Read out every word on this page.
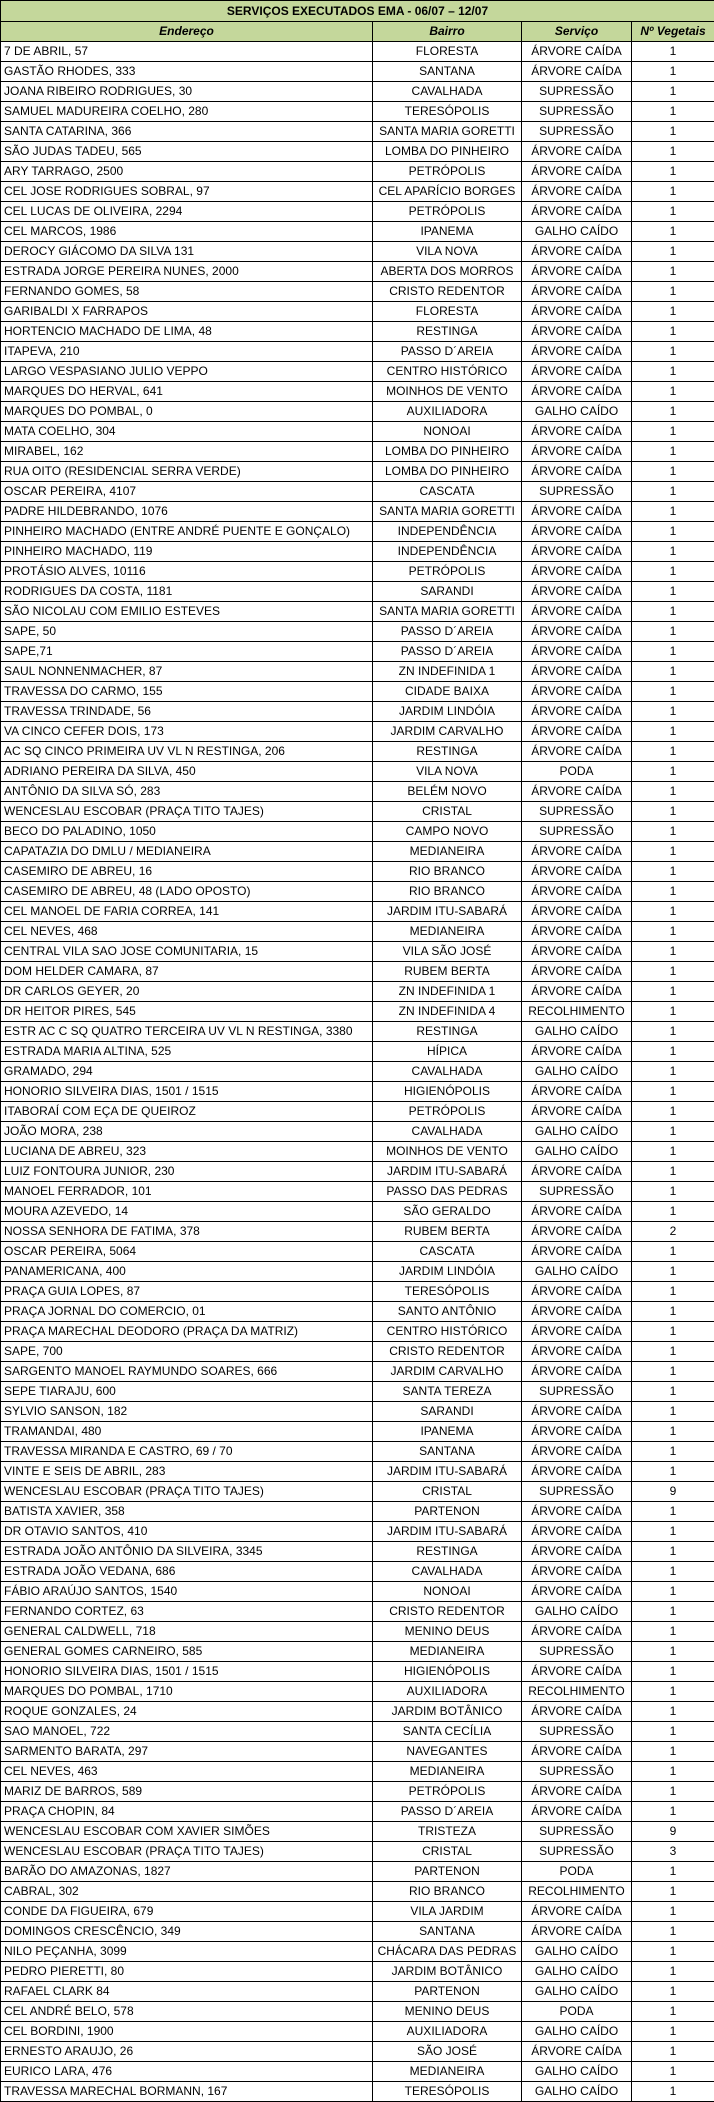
SERVIÇOS EXECUTADOS EMA - 06/07 – 12/07			
Endereço	Bairro	Serviço	Nº Vegetais
7 DE ABRIL, 57	FLORESTA	ÁRVORE CAÍDA	1
GASTÃO RHODES, 333	SANTANA	ÁRVORE CAÍDA	1
JOANA RIBEIRO RODRIGUES, 30	CAVALHADA	SUPRESSÃO	1
SAMUEL MADUREIRA COELHO, 280	TERESÓPOLIS	SUPRESSÃO	1
SANTA CATARINA, 366	SANTA MARIA GORETTI	SUPRESSÃO	1
SÃO JUDAS TADEU, 565	LOMBA DO PINHEIRO	ÁRVORE CAÍDA	1
ARY TARRAGO, 2500	PETRÓPOLIS	ÁRVORE CAÍDA	1
CEL JOSE RODRIGUES SOBRAL, 97	CEL APARÍCIO BORGES	ÁRVORE CAÍDA	1
CEL LUCAS DE OLIVEIRA, 2294	PETRÓPOLIS	ÁRVORE CAÍDA	1
CEL MARCOS, 1986	IPANEMA	GALHO CAÍDO	1
DEROCY GIÁCOMO DA SILVA 131	VILA NOVA	ÁRVORE CAÍDA	1
ESTRADA JORGE PEREIRA NUNES, 2000	ABERTA DOS MORROS	ÁRVORE CAÍDA	1
FERNANDO GOMES, 58	CRISTO REDENTOR	ÁRVORE CAÍDA	1
GARIBALDI X FARRAPOS	FLORESTA	ÁRVORE CAÍDA	1
HORTENCIO MACHADO DE LIMA, 48	RESTINGA	ÁRVORE CAÍDA	1
ITAPEVA, 210	PASSO D´AREIA	ÁRVORE CAÍDA	1
LARGO VESPASIANO JULIO VEPPO	CENTRO HISTÓRICO	ÁRVORE CAÍDA	1
MARQUES DO HERVAL, 641	MOINHOS DE VENTO	ÁRVORE CAÍDA	1
MARQUES DO POMBAL, 0	AUXILIADORA	GALHO CAÍDO	1
MATA COELHO, 304	NONOAI	ÁRVORE CAÍDA	1
MIRABEL, 162	LOMBA DO PINHEIRO	ÁRVORE CAÍDA	1
RUA OITO (RESIDENCIAL SERRA VERDE)	LOMBA DO PINHEIRO	ÁRVORE CAÍDA	1
OSCAR PEREIRA, 4107	CASCATA	SUPRESSÃO	1
PADRE HILDEBRANDO, 1076	SANTA MARIA GORETTI	ÁRVORE CAÍDA	1
PINHEIRO MACHADO (ENTRE ANDRÉ PUENTE E GONÇALO)	INDEPENDÊNCIA	ÁRVORE CAÍDA	1
PINHEIRO MACHADO, 119	INDEPENDÊNCIA	ÁRVORE CAÍDA	1
PROTÁSIO ALVES, 10116	PETRÓPOLIS	ÁRVORE CAÍDA	1
RODRIGUES DA COSTA, 1181	SARANDI	ÁRVORE CAÍDA	1
SÃO NICOLAU COM EMILIO ESTEVES	SANTA MARIA GORETTI	ÁRVORE CAÍDA	1
SAPE, 50	PASSO D´AREIA	ÁRVORE CAÍDA	1
SAPE,71	PASSO D´AREIA	ÁRVORE CAÍDA	1
SAUL NONNENMACHER, 87	ZN INDEFINIDA 1	ÁRVORE CAÍDA	1
TRAVESSA DO CARMO, 155	CIDADE BAIXA	ÁRVORE CAÍDA	1
TRAVESSA TRINDADE, 56	JARDIM LINDÓIA	ÁRVORE CAÍDA	1
VA CINCO CEFER DOIS, 173	JARDIM CARVALHO	ÁRVORE CAÍDA	1
AC SQ CINCO PRIMEIRA UV VL N RESTINGA, 206	RESTINGA	ÁRVORE CAÍDA	1
ADRIANO PEREIRA DA SILVA, 450	VILA NOVA	PODA	1
ANTÔNIO DA SILVA SÓ, 283	BELÉM NOVO	ÁRVORE CAÍDA	1
WENCESLAU ESCOBAR (PRAÇA TITO TAJES)	CRISTAL	SUPRESSÃO	1
BECO DO PALADINO, 1050	CAMPO NOVO	SUPRESSÃO	1
CAPATAZIA DO DMLU / MEDIANEIRA	MEDIANEIRA	ÁRVORE CAÍDA	1
CASEMIRO DE ABREU, 16	RIO BRANCO	ÁRVORE CAÍDA	1
CASEMIRO DE ABREU, 48 (LADO OPOSTO)	RIO BRANCO	ÁRVORE CAÍDA	1
CEL MANOEL DE FARIA CORREA, 141	JARDIM ITU-SABARÁ	ÁRVORE CAÍDA	1
CEL NEVES, 468	MEDIANEIRA	ÁRVORE CAÍDA	1
CENTRAL VILA SAO JOSE COMUNITARIA, 15	VILA SÃO JOSÉ	ÁRVORE CAÍDA	1
DOM HELDER CAMARA, 87	RUBEM BERTA	ÁRVORE CAÍDA	1
DR CARLOS GEYER, 20	ZN INDEFINIDA 1	ÁRVORE CAÍDA	1
DR HEITOR PIRES, 545	ZN INDEFINIDA 4	RECOLHIMENTO	1
ESTR AC C SQ QUATRO TERCEIRA UV VL N RESTINGA, 3380	RESTINGA	GALHO CAÍDO	1
ESTRADA MARIA ALTINA, 525	HÍPICA	ÁRVORE CAÍDA	1
GRAMADO, 294	CAVALHADA	GALHO CAÍDO	1
HONORIO SILVEIRA DIAS, 1501 / 1515	HIGIENÓPOLIS	ÁRVORE CAÍDA	1
ITABORAÍ COM EÇA DE QUEIROZ	PETRÓPOLIS	ÁRVORE CAÍDA	1
JOÃO MORA, 238	CAVALHADA	GALHO CAÍDO	1
LUCIANA DE ABREU, 323	MOINHOS DE VENTO	GALHO CAÍDO	1
LUIZ FONTOURA JUNIOR, 230	JARDIM ITU-SABARÁ	ÁRVORE CAÍDA	1
MANOEL FERRADOR, 101	PASSO DAS PEDRAS	SUPRESSÃO	1
MOURA AZEVEDO, 14	SÃO GERALDO	ÁRVORE CAÍDA	1
NOSSA SENHORA DE FATIMA, 378	RUBEM BERTA	ÁRVORE CAÍDA	2
OSCAR PEREIRA, 5064	CASCATA	ÁRVORE CAÍDA	1
PANAMERICANA, 400	JARDIM LINDÓIA	GALHO CAÍDO	1
PRAÇA GUIA LOPES, 87	TERESÓPOLIS	ÁRVORE CAÍDA	1
PRAÇA JORNAL DO COMERCIO, 01	SANTO ANTÔNIO	ÁRVORE CAÍDA	1
PRAÇA MARECHAL DEODORO (PRAÇA DA MATRIZ)	CENTRO HISTÓRICO	ÁRVORE CAÍDA	1
SAPE, 700	CRISTO REDENTOR	ÁRVORE CAÍDA	1
SARGENTO MANOEL RAYMUNDO SOARES, 666	JARDIM CARVALHO	ÁRVORE CAÍDA	1
SEPE TIARAJU, 600	SANTA TEREZA	SUPRESSÃO	1
SYLVIO SANSON, 182	SARANDI	ÁRVORE CAÍDA	1
TRAMANDAI, 480	IPANEMA	ÁRVORE CAÍDA	1
TRAVESSA MIRANDA E CASTRO, 69 / 70	SANTANA	ÁRVORE CAÍDA	1
VINTE E SEIS DE ABRIL, 283	JARDIM ITU-SABARÁ	ÁRVORE CAÍDA	1
WENCESLAU ESCOBAR (PRAÇA TITO TAJES)	CRISTAL	SUPRESSÃO	9
BATISTA XAVIER, 358	PARTENON	ÁRVORE CAÍDA	1
DR OTAVIO SANTOS, 410	JARDIM ITU-SABARÁ	ÁRVORE CAÍDA	1
ESTRADA JOÃO ANTÔNIO DA SILVEIRA, 3345	RESTINGA	ÁRVORE CAÍDA	1
ESTRADA JOÃO VEDANA, 686	CAVALHADA	ÁRVORE CAÍDA	1
FÁBIO ARAÚJO SANTOS, 1540	NONOAI	ÁRVORE CAÍDA	1
FERNANDO CORTEZ, 63	CRISTO REDENTOR	GALHO CAÍDO	1
GENERAL CALDWELL, 718	MENINO DEUS	ÁRVORE CAÍDA	1
GENERAL GOMES CARNEIRO, 585	MEDIANEIRA	SUPRESSÃO	1
HONORIO SILVEIRA DIAS, 1501 / 1515	HIGIENÓPOLIS	ÁRVORE CAÍDA	1
MARQUES DO POMBAL, 1710	AUXILIADORA	RECOLHIMENTO	1
ROQUE GONZALES, 24	JARDIM BOTÂNICO	ÁRVORE CAÍDA	1
SAO MANOEL, 722	SANTA CECÍLIA	SUPRESSÃO	1
SARMENTO BARATA, 297	NAVEGANTES	ÁRVORE CAÍDA	1
CEL NEVES, 463	MEDIANEIRA	SUPRESSÃO	1
MARIZ DE BARROS, 589	PETRÓPOLIS	ÁRVORE CAÍDA	1
PRAÇA CHOPIN, 84	PASSO D´AREIA	ÁRVORE CAÍDA	1
WENCESLAU ESCOBAR COM XAVIER SIMÕES	TRISTEZA	SUPRESSÃO	9
WENCESLAU ESCOBAR (PRAÇA TITO TAJES)	CRISTAL	SUPRESSÃO	3
BARÃO DO AMAZONAS, 1827	PARTENON	PODA	1
CABRAL, 302	RIO BRANCO	RECOLHIMENTO	1
CONDE DA FIGUEIRA, 679	VILA JARDIM	ÁRVORE CAÍDA	1
DOMINGOS CRESCÊNCIO, 349	SANTANA	ÁRVORE CAÍDA	1
NILO PEÇANHA, 3099	CHÁCARA DAS PEDRAS	GALHO CAÍDO	1
PEDRO PIERETTI, 80	JARDIM BOTÂNICO	GALHO CAÍDO	1
RAFAEL CLARK 84	PARTENON	GALHO CAÍDO	1
CEL ANDRÉ BELO, 578	MENINO DEUS	PODA	1
CEL BORDINI, 1900	AUXILIADORA	GALHO CAÍDO	1
ERNESTO ARAUJO, 26	SÃO JOSÉ	ÁRVORE CAÍDA	1
EURICO LARA, 476	MEDIANEIRA	GALHO CAÍDO	1
TRAVESSA MARECHAL BORMANN, 167	TERESÓPOLIS	GALHO CAÍDO	1
